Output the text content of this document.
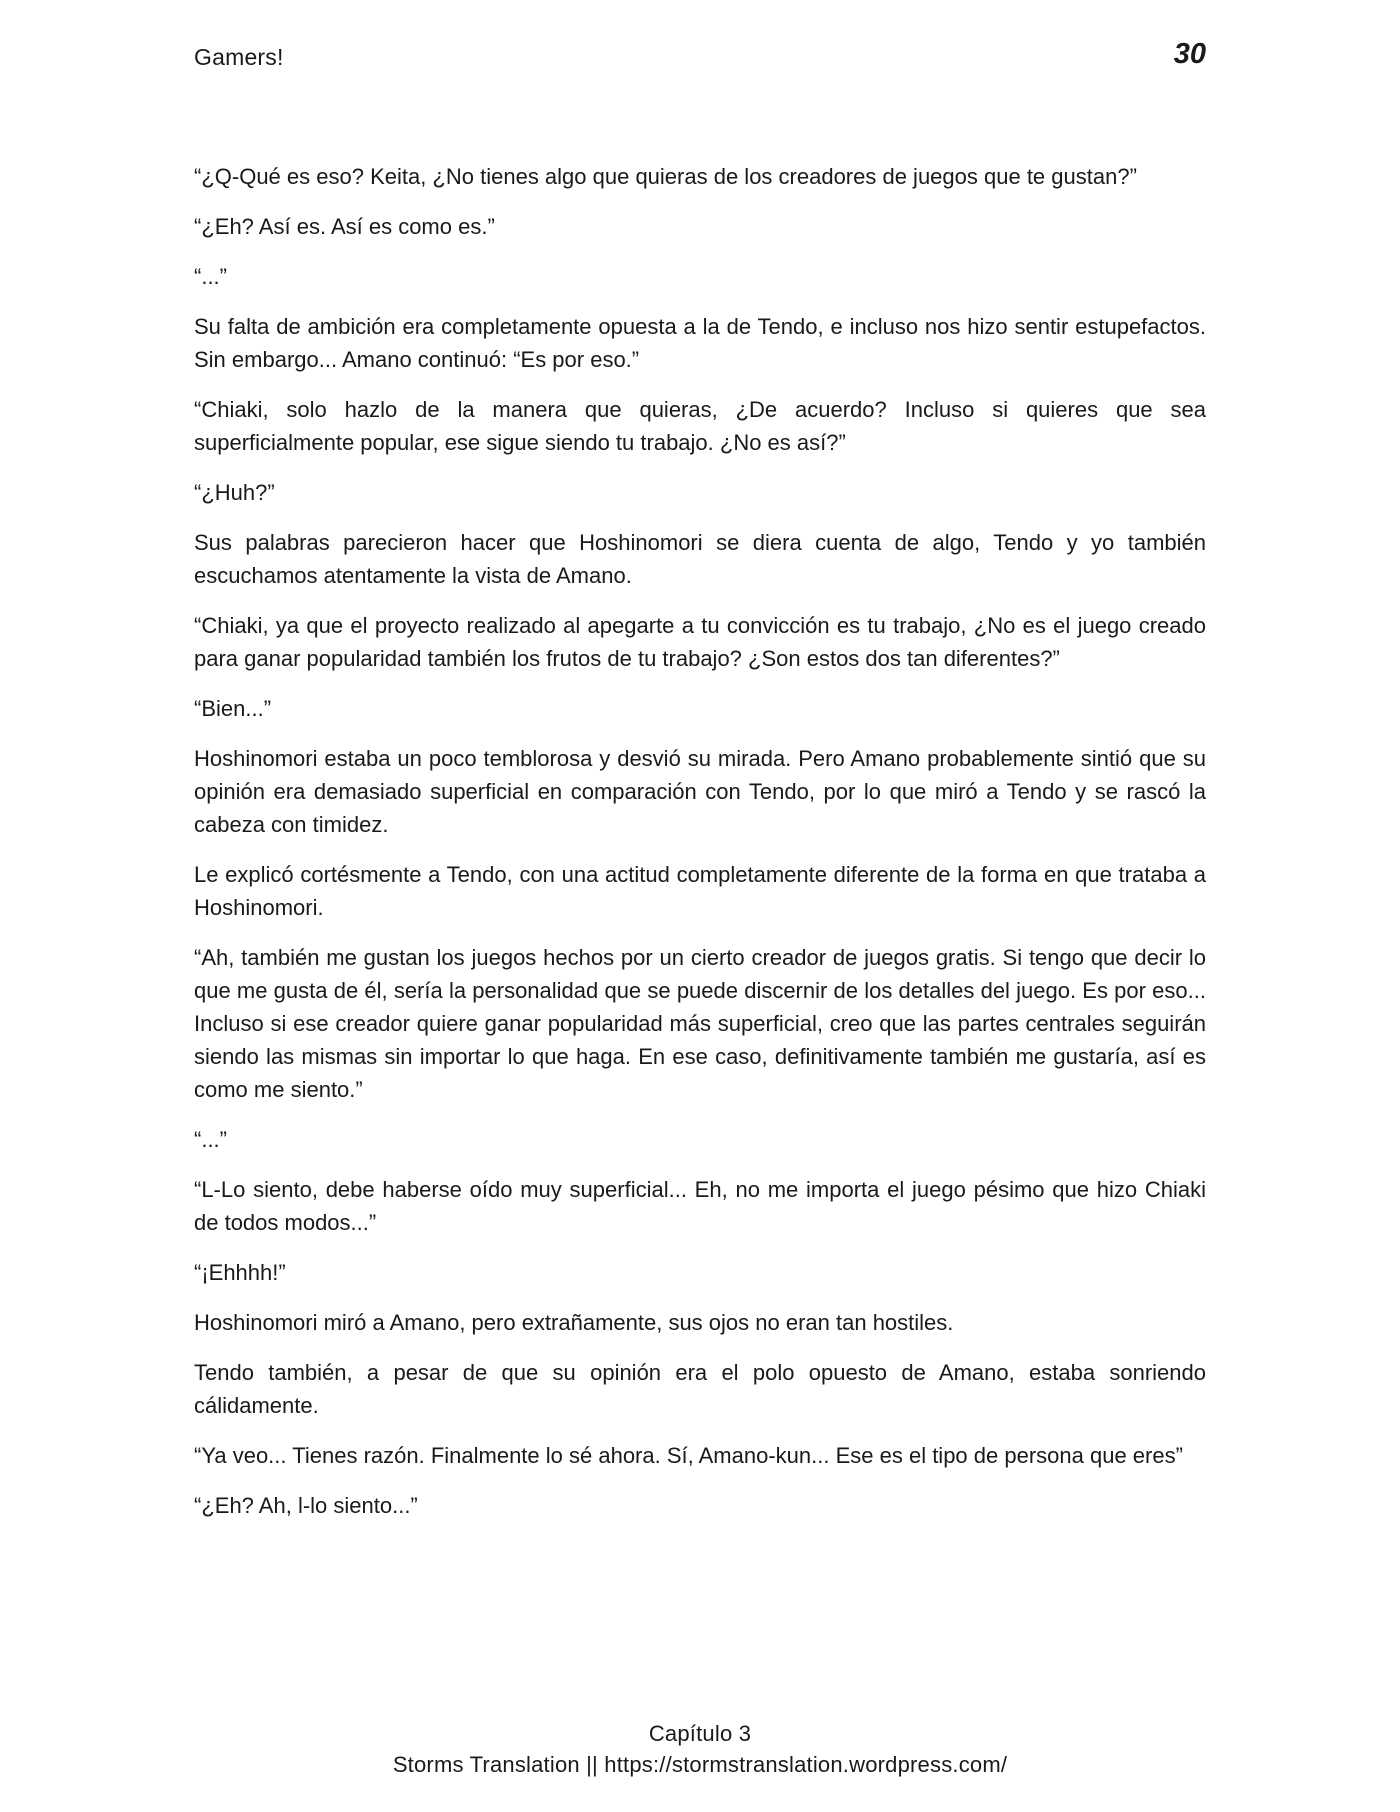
Gamers!	30

“¿Q-Qué es eso? Keita, ¿No tienes algo que quieras de los creadores de juegos que te gustan?”

“¿Eh? Así es. Así es como es.”

“...”

Su falta de ambición era completamente opuesta a la de Tendo, e incluso nos hizo sentir estupefactos. Sin embargo... Amano continuó: “Es por eso.”

“Chiaki, solo hazlo de la manera que quieras, ¿De acuerdo? Incluso si quieres que sea superficialmente popular, ese sigue siendo tu trabajo. ¿No es así?”

“¿Huh?”

Sus palabras parecieron hacer que Hoshinomori se diera cuenta de algo, Tendo y yo también escuchamos atentamente la vista de Amano.

“Chiaki, ya que el proyecto realizado al apegarte a tu convicción es tu trabajo, ¿No es el juego creado para ganar popularidad también los frutos de tu trabajo? ¿Son estos dos tan diferentes?”

“Bien...”

Hoshinomori estaba un poco temblorosa y desvió su mirada. Pero Amano probablemente sintió que su opinión era demasiado superficial en comparación con Tendo, por lo que miró a Tendo y se rascó la cabeza con timidez.

Le explicó cortésmente a Tendo, con una actitud completamente diferente de la forma en que trataba a Hoshinomori.

“Ah, también me gustan los juegos hechos por un cierto creador de juegos gratis. Si tengo que decir lo que me gusta de él, sería la personalidad que se puede discernir de los detalles del juego. Es por eso... Incluso si ese creador quiere ganar popularidad más superficial, creo que las partes centrales seguirán siendo las mismas sin importar lo que haga. En ese caso, definitivamente también me gustaría, así es como me siento.”

“...”

“L-Lo siento, debe haberse oído muy superficial... Eh, no me importa el juego pésimo que hizo Chiaki de todos modos...”

“¡Ehhhh!”

Hoshinomori miró a Amano, pero extrañamente, sus ojos no eran tan hostiles.

Tendo también, a pesar de que su opinión era el polo opuesto de Amano, estaba sonriendo cálidamente.

“Ya veo... Tienes razón. Finalmente lo sé ahora. Sí, Amano-kun... Ese es el tipo de persona que eres”

“¿Eh? Ah, l-lo siento...”

Capítulo 3
Storms Translation || https://stormstranslation.wordpress.com/
